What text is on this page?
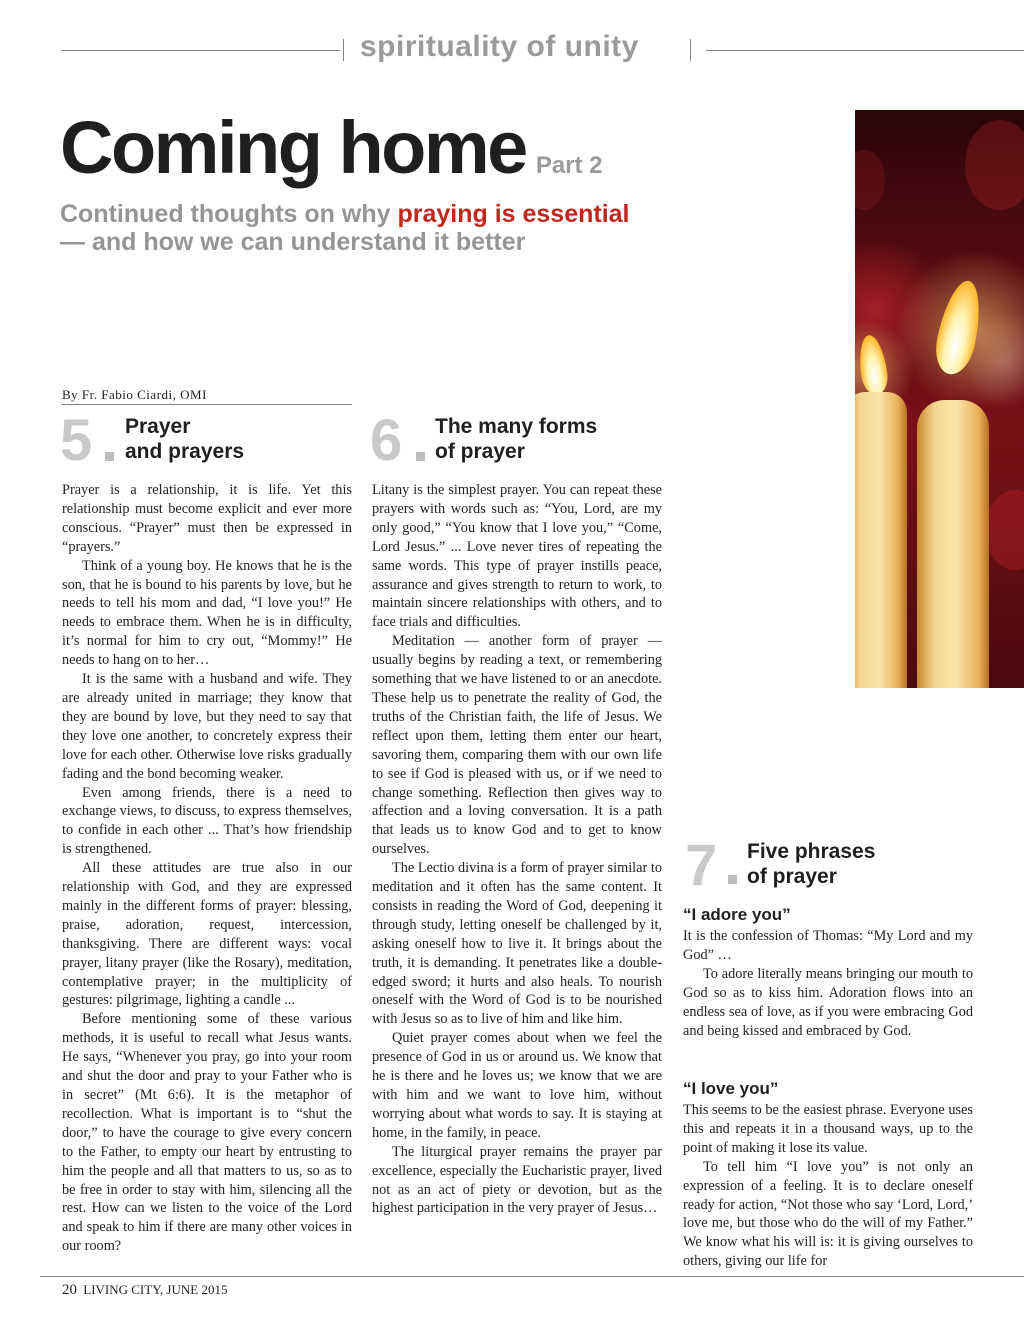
spirituality of unity
Coming home Part 2
Continued thoughts on why praying is essential
— and how we can understand it better
By Fr. Fabio Ciardi, OMI
5 Prayer
and prayers 6 The many forms
of prayer
7 Five phrases
of prayer

Prayer is a relationship, it is life. Yet this relationship must become explicit and ever more conscious. “Prayer” must then be expressed in “prayers.”

Think of a young boy. He knows that he is the son, that he is bound to his parents by love, but he needs to tell his mom and dad, “I love you!” He needs to embrace them. When he is in difficulty, it’s normal for him to cry out, “Mommy!” He needs to hang on to her…

It is the same with a husband and wife. They are already united in marriage; they know that they are bound by love, but they need to say that they love one another, to concretely express their love for each other. Otherwise love risks gradually fading and the bond becoming weaker.

Even among friends, there is a need to exchange views, to discuss, to express themselves, to confide in each other ... That’s how friendship is strengthened.

All these attitudes are true also in our relationship with God, and they are expressed mainly in the different forms of prayer: blessing, praise, adoration, request, intercession, thanksgiving. There are different ways: vocal prayer, litany prayer (like the Rosary), meditation, contemplative prayer; in the multiplicity of gestures: pilgrimage, lighting a candle ...

Before mentioning some of these various methods, it is useful to recall what Jesus wants. He says, “Whenever you pray, go into your room and shut the door and pray to your Father who is in secret” (Mt 6:6). It is the metaphor of recollection. What is important is to “shut the door,” to have the courage to give every concern to the Father, to empty our heart by entrusting to him the people and all that matters to us, so as to be free in order to stay with him, silencing all the rest. How can we listen to the voice of the Lord and speak to him if there are many other voices in our room?

Litany is the simplest prayer. You can repeat these prayers with words such as: “You, Lord, are my only good,” “You know that I love you,” “Come, Lord Jesus.” ... Love never tires of repeating the same words. This type of prayer instills peace, assurance and gives strength to return to work, to maintain sincere relationships with others, and to face trials and difficulties.

Meditation — another form of prayer — usually begins by reading a text, or remembering something that we have listened to or an anecdote. These help us to penetrate the reality of God, the truths of the Christian faith, the life of Jesus. We reflect upon them, letting them enter our heart, savoring them, comparing them with our own life to see if God is pleased with us, or if we need to change something. Reflection then gives way to affection and a loving conversation. It is a path that leads us to know God and to get to know ourselves.

The Lectio divina is a form of prayer similar to meditation and it often has the same content. It consists in reading the Word of God, deepening it through study, letting oneself be challenged by it, asking oneself how to live it. It brings about the truth, it is demanding. It penetrates like a double-edged sword; it hurts and also heals. To nourish oneself with the Word of God is to be nourished with Jesus so as to live of him and like him.

Quiet prayer comes about when we feel the presence of God in us or around us. We know that he is there and he loves us; we know that we are with him and we want to love him, without worrying about what words to say. It is staying at home, in the family, in peace.

The liturgical prayer remains the prayer par excellence, especially the Eucharistic prayer, lived not as an act of piety or devotion, but as the highest participation in the very prayer of Jesus…

“I adore you”

It is the confession of Thomas: “My Lord and my God” …

To adore literally means bringing our mouth to God so as to kiss him. Adoration flows into an endless sea of love, as if you were embracing God and being kissed and embraced by God.

“I love you”

This seems to be the easiest phrase. Everyone uses this and repeats it in a thousand ways, up to the point of making it lose its value.

To tell him “I love you” is not only an expression of a feeling. It is to declare oneself ready for action, “Not those who say ‘Lord, Lord,’ love me, but those who do the will of my Father.” We know what his will is: it is giving ourselves to others, giving our life for

20 LIVING CITY, JUNE 2015
